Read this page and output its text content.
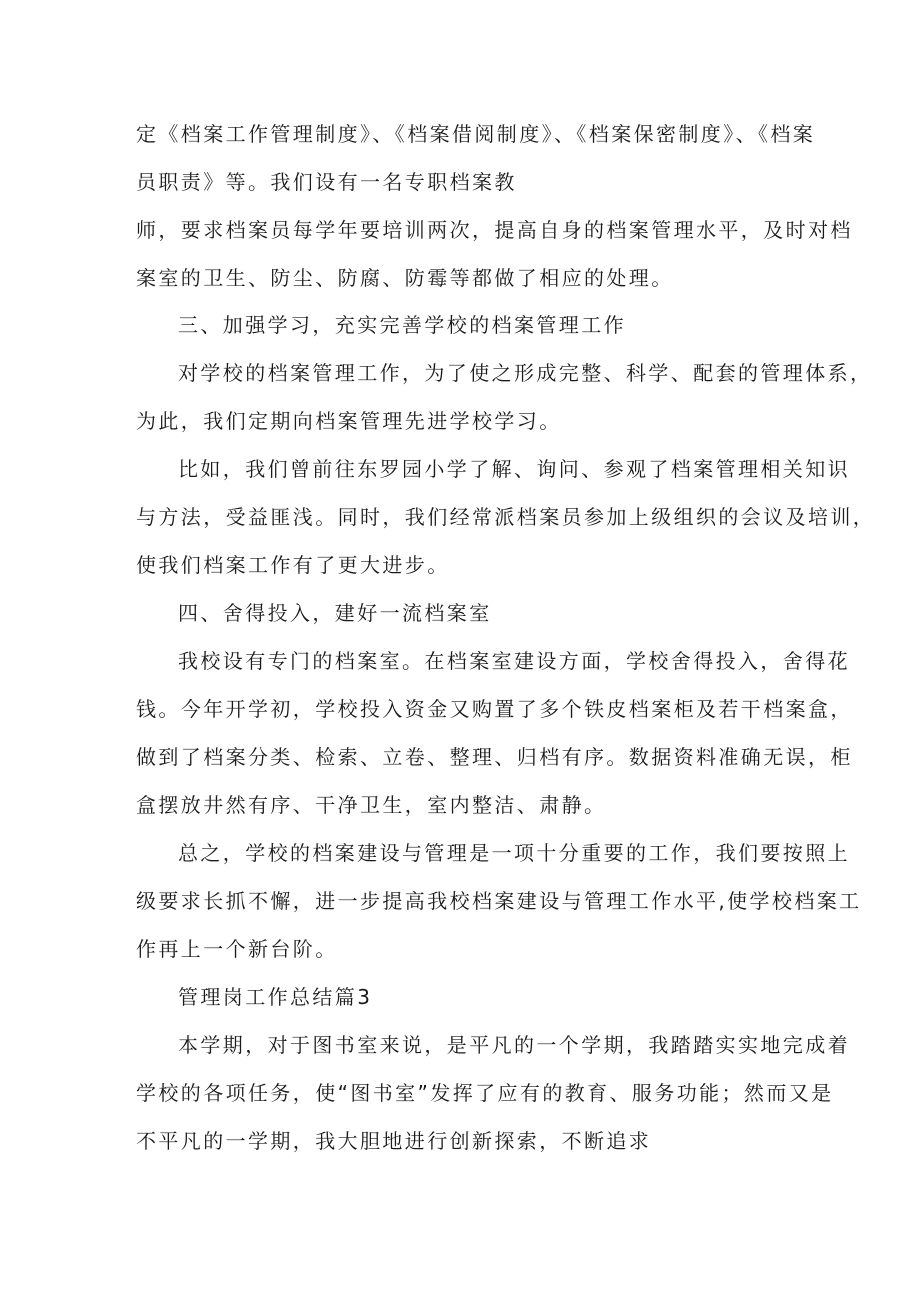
定《档案工作管理制度》、《档案借阅制度》、《档案保密制度》、《档案
员职责》等。我们设有一名专职档案教
师，要求档案员每学年要培训两次，提高自身的档案管理水平，及时对档
案室的卫生、防尘、防腐、防霉等都做了相应的处理。
三、加强学习，充实完善学校的档案管理工作
对学校的档案管理工作，为了使之形成完整、科学、配套的管理体系，
为此，我们定期向档案管理先进学校学习。
比如，我们曾前往东罗园小学了解、询问、参观了档案管理相关知识
与方法，受益匪浅。同时，我们经常派档案员参加上级组织的会议及培训，
使我们档案工作有了更大进步。
四、舍得投入，建好一流档案室
我校设有专门的档案室。在档案室建设方面，学校舍得投入，舍得花
钱。今年开学初，学校投入资金又购置了多个铁皮档案柜及若干档案盒，
做到了档案分类、检索、立卷、整理、归档有序。数据资料准确无误，柜
盒摆放井然有序、干净卫生，室内整洁、肃静。
总之，学校的档案建设与管理是一项十分重要的工作，我们要按照上
级要求长抓不懈，进一步提高我校档案建设与管理工作水平,使学校档案工
作再上一个新台阶。
管理岗工作总结篇3
本学期，对于图书室来说，是平凡的一个学期，我踏踏实实地完成着
学校的各项任务，使“图书室”发挥了应有的教育、服务功能；然而又是
不平凡的一学期，我大胆地进行创新探索，不断追求
